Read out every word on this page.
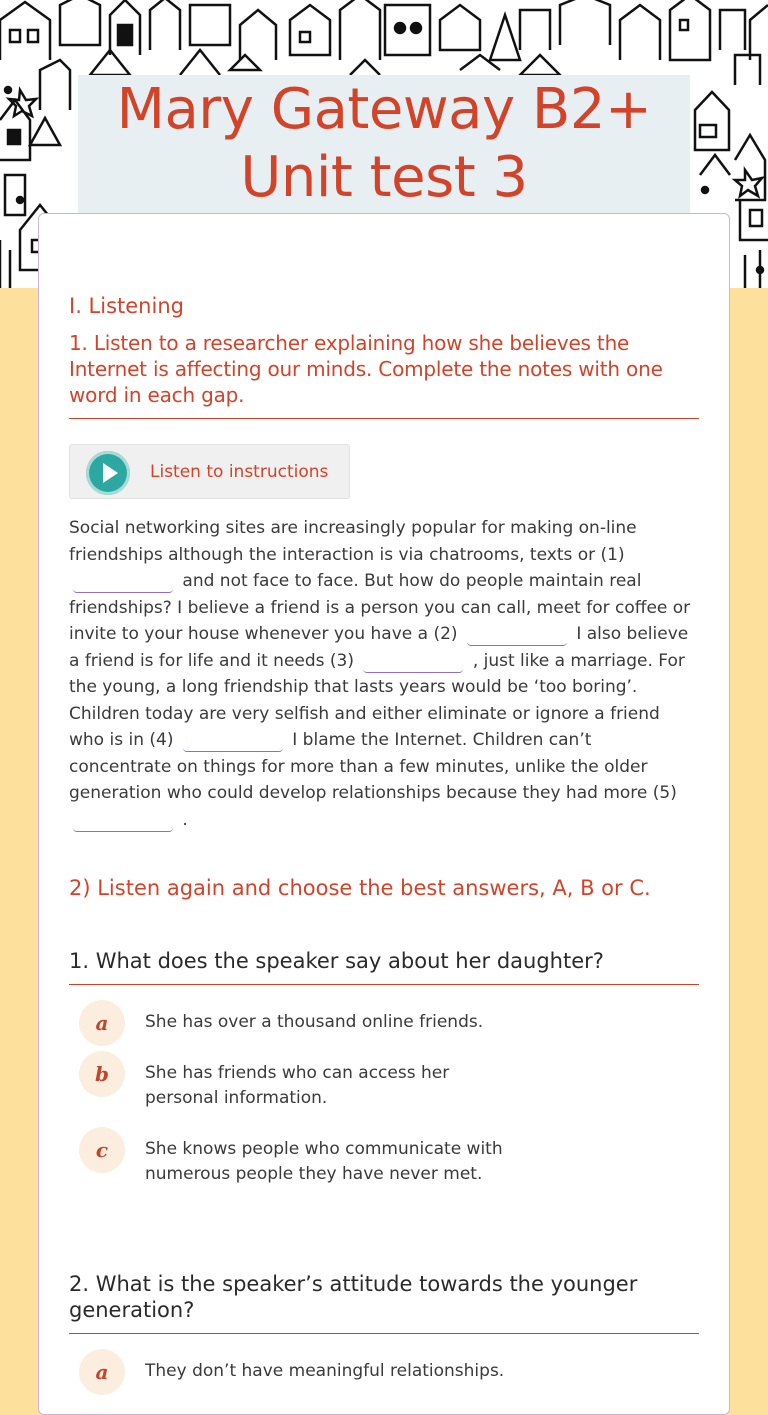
Mary Gateway B2+
Unit test 3
I. Listening
1. Listen to a researcher explaining how she believes the Internet is affecting our minds. Complete the notes with one word in each gap.
Listen to instructions
Social networking sites are increasingly popular for making on-line friendships although the interaction is via chatrooms, texts or (1)  and not face to face. But how do people maintain real friendships? I believe a friend is a person you can call, meet for coffee or invite to your house whenever you have a (2)	I also believe a friend is for life and it needs (3)	, just like a marriage. For the young, a long friendship that lasts years would be ‘too boring’. Children today are very selfish and either eliminate or ignore a friend who is in (4)	I blame the Internet. Children can’t concentrate on things for more than a few minutes, unlike the older generation who could develop relationships because they had more (5)  .
2) Listen again and choose the best answers, A, B or C.
1. What does the speaker say about her daughter?
a	She has over a thousand online friends.
b	She has friends who can access her personal information.
c	She knows people who communicate with numerous people they have never met.
2. What is the speaker’s attitude towards the younger generation?
a	They don’t have meaningful relationships.
